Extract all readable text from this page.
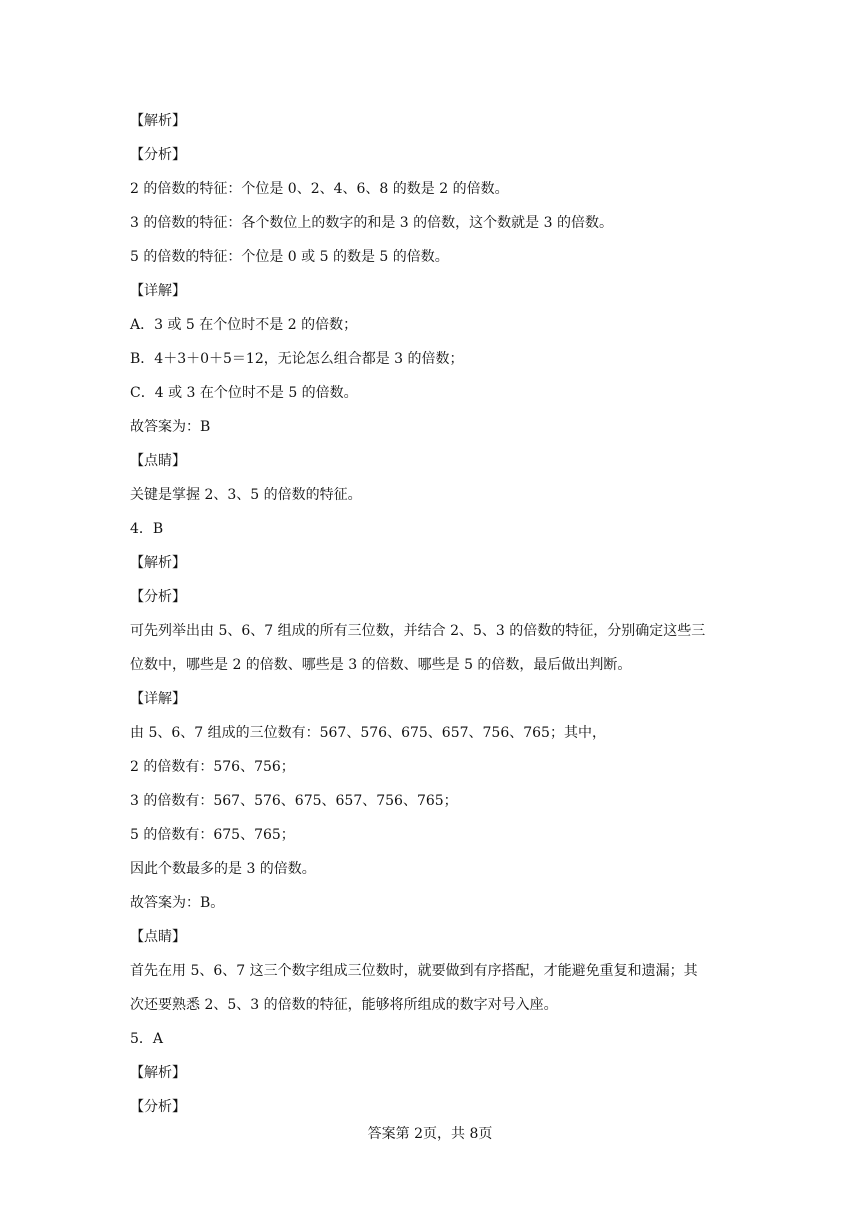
【解析】
【分析】
2 的倍数的特征：个位是 0、2、4、6、8 的数是 2 的倍数。
3 的倍数的特征：各个数位上的数字的和是 3 的倍数，这个数就是 3 的倍数。
5 的倍数的特征：个位是 0 或 5 的数是 5 的倍数。
【详解】
A．3 或 5 在个位时不是 2 的倍数；
B．4＋3＋0＋5＝12，无论怎么组合都是 3 的倍数；
C．4 或 3 在个位时不是 5 的倍数。
故答案为：B
【点睛】
关键是掌握 2、3、5 的倍数的特征。
4．B
【解析】
【分析】
可先列举出由 5、6、7 组成的所有三位数，并结合 2、5、3 的倍数的特征，分别确定这些三
位数中，哪些是 2 的倍数、哪些是 3 的倍数、哪些是 5 的倍数，最后做出判断。
【详解】
由 5、6、7 组成的三位数有：567、576、675、657、756、765；其中，
2 的倍数有：576、756；
3 的倍数有：567、576、675、657、756、765；
5 的倍数有：675、765；
因此个数最多的是 3 的倍数。
故答案为：B。
【点睛】
首先在用 5、6、7 这三个数字组成三位数时，就要做到有序搭配，才能避免重复和遗漏；其
次还要熟悉 2、5、3 的倍数的特征，能够将所组成的数字对号入座。
5．A
【解析】
【分析】
答案第 2页，共 8页
